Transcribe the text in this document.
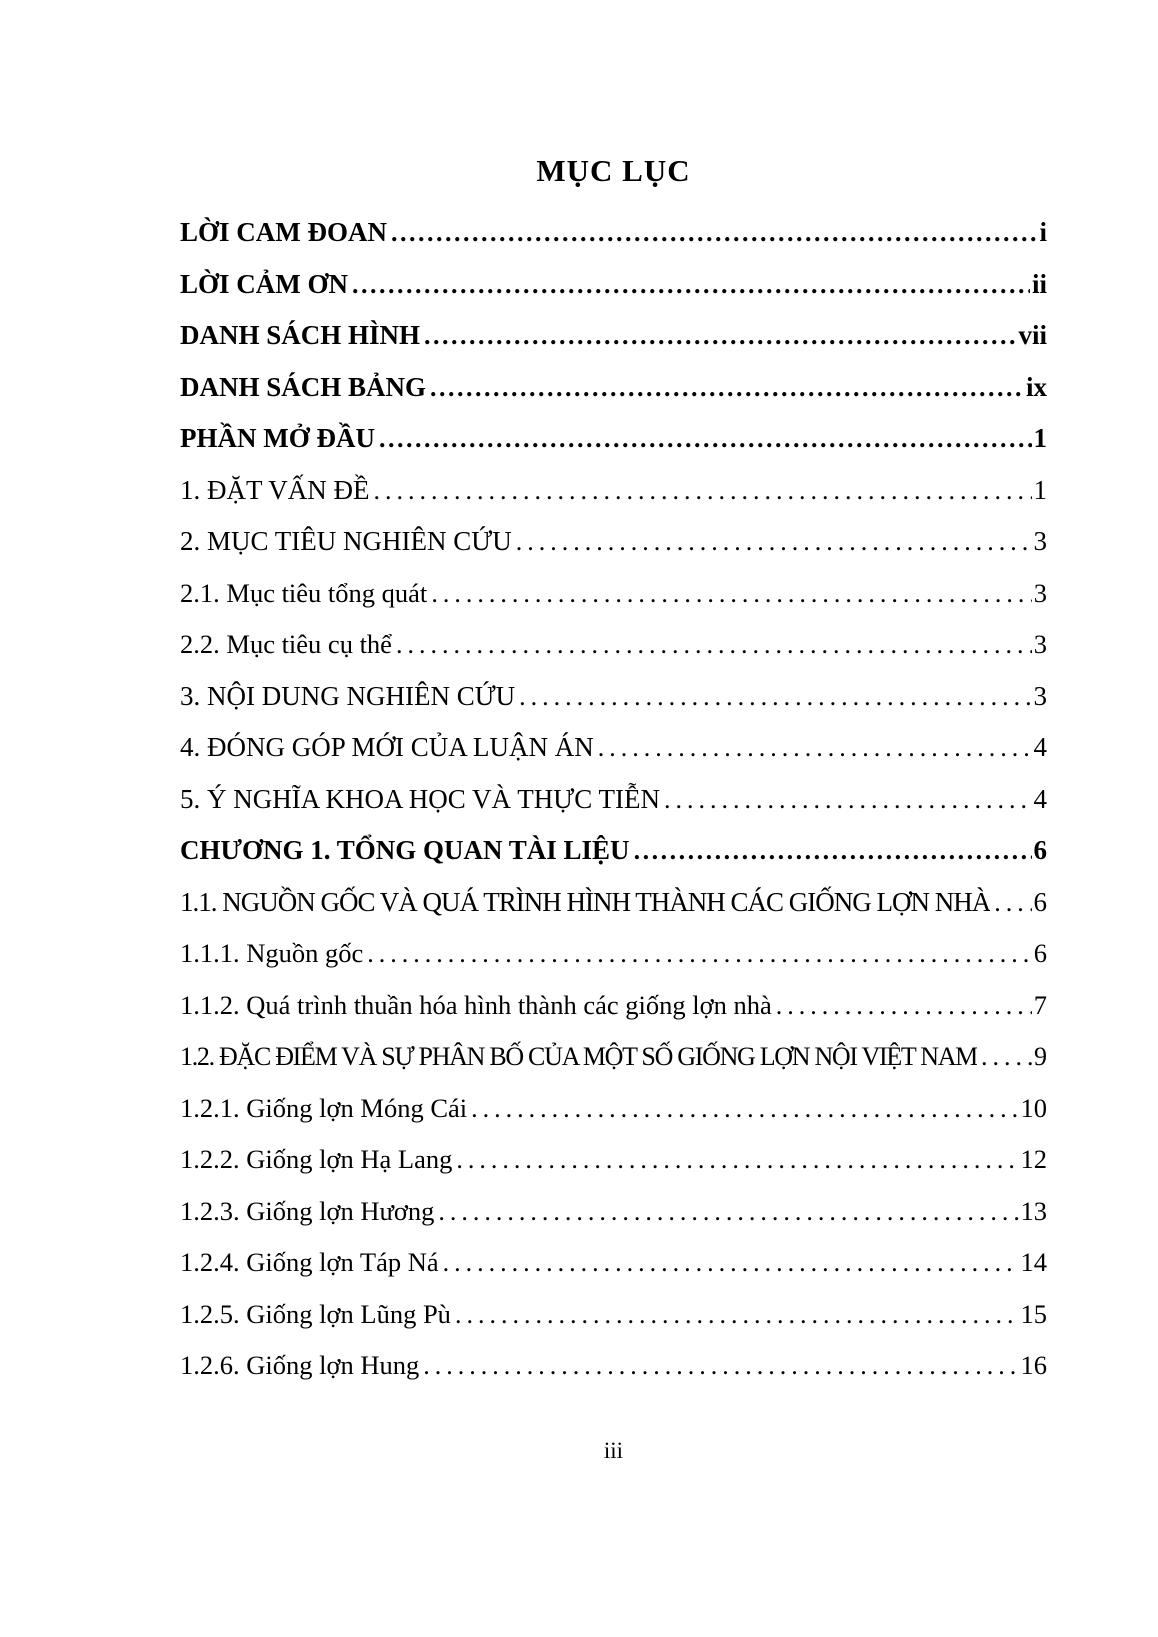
MỤC LỤC
LỜI CAM ĐOAN .....	i
LỜI CẢM ƠN .....	ii
DANH SÁCH HÌNH .....	vii
DANH SÁCH BẢNG .....	ix
PHẦN MỞ ĐẦU .....	1
1. ĐẶT VẤN ĐỀ .....	1
2. MỤC TIÊU NGHIÊN CỨU .....	3
2.1. Mục tiêu tổng quát .....	3
2.2. Mục tiêu cụ thể .....	3
3. NỘI DUNG NGHIÊN CỨU .....	3
4. ĐÓNG GÓP MỚI CỦA LUẬN ÁN .....	4
5. Ý NGHĨA KHOA HỌC VÀ THỰC TIỄN .....	4
CHƯƠNG 1. TỔNG QUAN TÀI LIỆU .....	6
1.1. NGUỒN GỐC VÀ QUÁ TRÌNH HÌNH THÀNH CÁC GIỐNG LỢN NHÀ ..... 6
1.1.1. Nguồn gốc .....	6
1.1.2. Quá trình thuần hóa hình thành các giống lợn nhà .....	7
1.2. ĐẶC ĐIỂM VÀ SỰ PHÂN BỐ CỦA MỘT SỐ GIỐNG LỢN NỘI VIỆT NAM ..... 9
1.2.1. Giống lợn Móng Cái .....	10
1.2.2. Giống lợn Hạ Lang .....	12
1.2.3. Giống lợn Hương .....	13
1.2.4. Giống lợn Táp Ná .....	14
1.2.5. Giống lợn Lũng Pù .....	15
1.2.6. Giống lợn Hung .....	16
iii
